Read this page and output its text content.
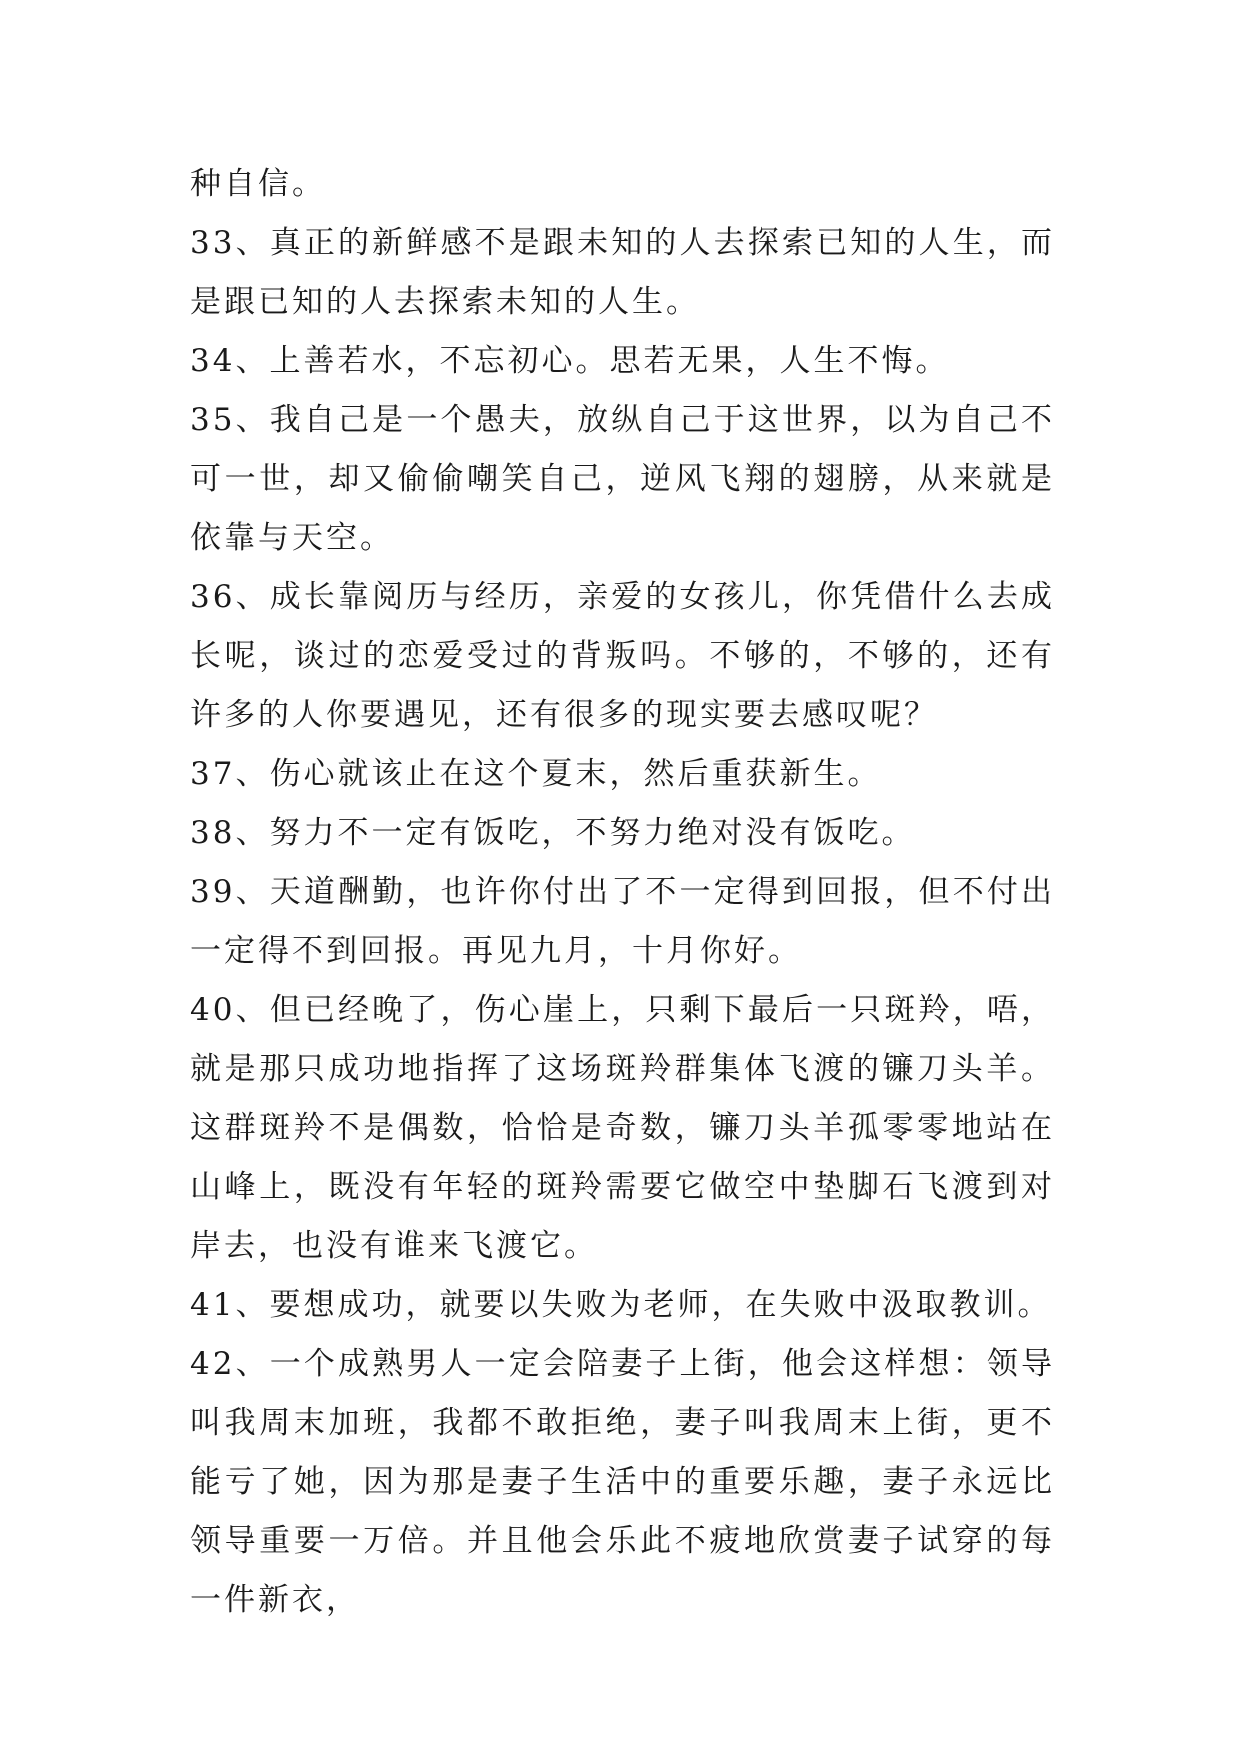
种自信。

33、真正的新鲜感不是跟未知的人去探索已知的人生，而是跟已知的人去探索未知的人生。

34、上善若水，不忘初心。思若无果，人生不悔。

35、我自己是一个愚夫，放纵自己于这世界，以为自己不可一世，却又偷偷嘲笑自己，逆风飞翔的翅膀，从来就是依靠与天空。

36、成长靠阅历与经历，亲爱的女孩儿，你凭借什么去成长呢，谈过的恋爱受过的背叛吗。不够的，不够的，还有许多的人你要遇见，还有很多的现实要去感叹呢？

37、伤心就该止在这个夏末，然后重获新生。

38、努力不一定有饭吃，不努力绝对没有饭吃。

39、天道酬勤，也许你付出了不一定得到回报，但不付出一定得不到回报。再见九月，十月你好。

40、但已经晚了，伤心崖上，只剩下最后一只斑羚，唔，就是那只成功地指挥了这场斑羚群集体飞渡的镰刀头羊。这群斑羚不是偶数，恰恰是奇数，镰刀头羊孤零零地站在山峰上，既没有年轻的斑羚需要它做空中垫脚石飞渡到对岸去，也没有谁来飞渡它。

41、要想成功，就要以失败为老师，在失败中汲取教训。

42、一个成熟男人一定会陪妻子上街，他会这样想：领导叫我周末加班，我都不敢拒绝，妻子叫我周末上街，更不能亏了她，因为那是妻子生活中的重要乐趣，妻子永远比领导重要一万倍。并且他会乐此不疲地欣赏妻子试穿的每一件新衣，
